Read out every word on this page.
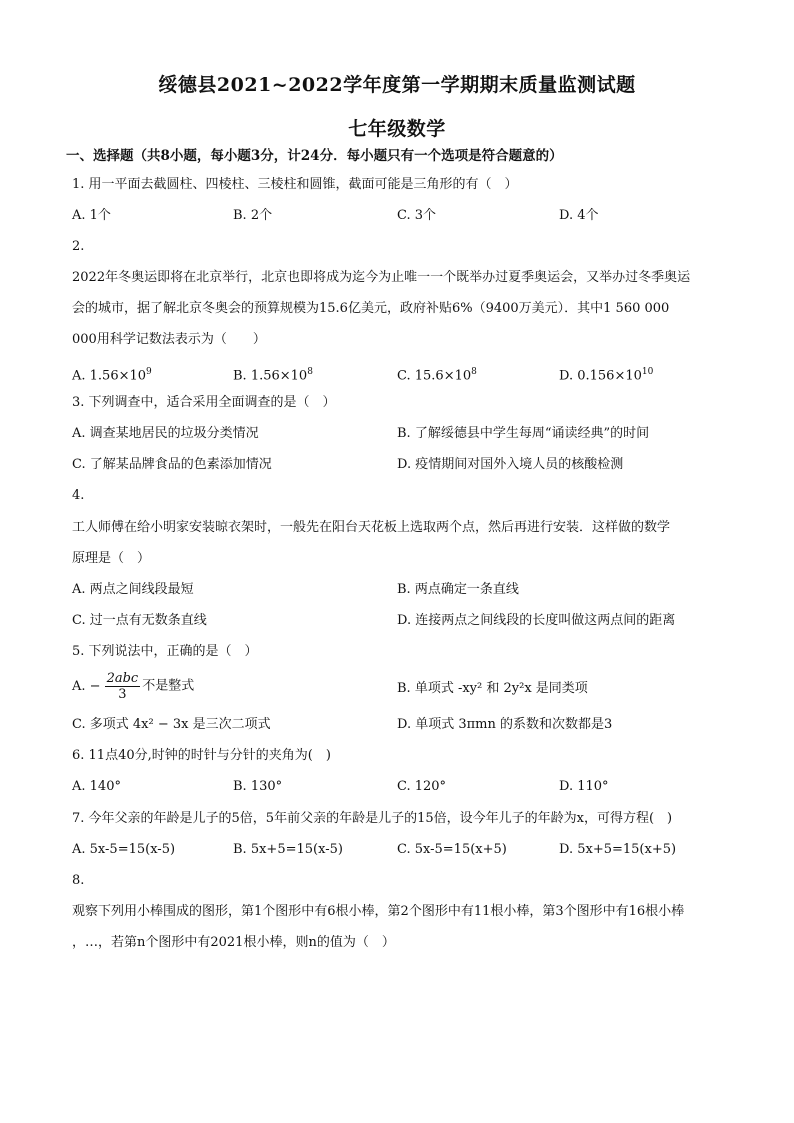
绥德县2021~2022学年度第一学期期末质量监测试题
七年级数学
一、选择题（共8小题，每小题3分，计24分．每小题只有一个选项是符合题意的）
1. 用一平面去截圆柱、四棱柱、三棱柱和圆锥，截面可能是三角形的有（　）
A. 1个	B. 2个	C. 3个	D. 4个
2.
2022年冬奥运即将在北京举行，北京也即将成为迄今为止唯一一个既举办过夏季奥运会，又举办过冬季奥运
会的城市，据了解北京冬奥会的预算规模为15.6亿美元，政府补贴6%（9400万美元）．其中1 560 000
000用科学记数法表示为（　　）
A. $1.56\times 10^9$	B. $1.56\times 10^8$	C. $15.6\times 10^8$	D. $0.156\times 10^{10}$
3. 下列调查中，适合采用全面调查的是（　）
A. 调查某地居民的垃圾分类情况	B. 了解绥德县中学生每周“诵读经典”的时间
C. 了解某品牌食品的色素添加情况	D. 疫情期间对国外入境人员的核酸检测
4.
工人师傅在给小明家安装晾衣架时，一般先在阳台天花板上选取两个点，然后再进行安装．这样做的数学
原理是（　）
A. 两点之间线段最短	B. 两点确定一条直线
C. 过一点有无数条直线	D. 连接两点之间线段的长度叫做这两点间的距离
5. 下列说法中，正确的是（　）
A. − $\frac{\text{2abc}}{3}$ 不是整式	B. 单项式 -xy² 和 2y²x 是同类项
C. 多项式 4x² − 3x 是三次二项式	D. 单项式 3πmn 的系数和次数都是3
6. 11点40分,时钟的时针与分针的夹角为(　)
A. 140°	B. 130°	C. 120°	D. 110°
7. 今年父亲的年龄是儿子的5倍，5年前父亲的年龄是儿子的15倍，设今年儿子的年龄为x，可得方程(　)
A. 5x-5=15(x-5)	B. 5x+5=15(x-5)	C. 5x-5=15(x+5)	D. 5x+5=15(x+5)
8.
观察下列用小棒围成的图形，第1个图形中有6根小棒，第2个图形中有11根小棒，第3个图形中有16根小棒
，…，若第n个图形中有2021根小棒，则n的值为（　）
